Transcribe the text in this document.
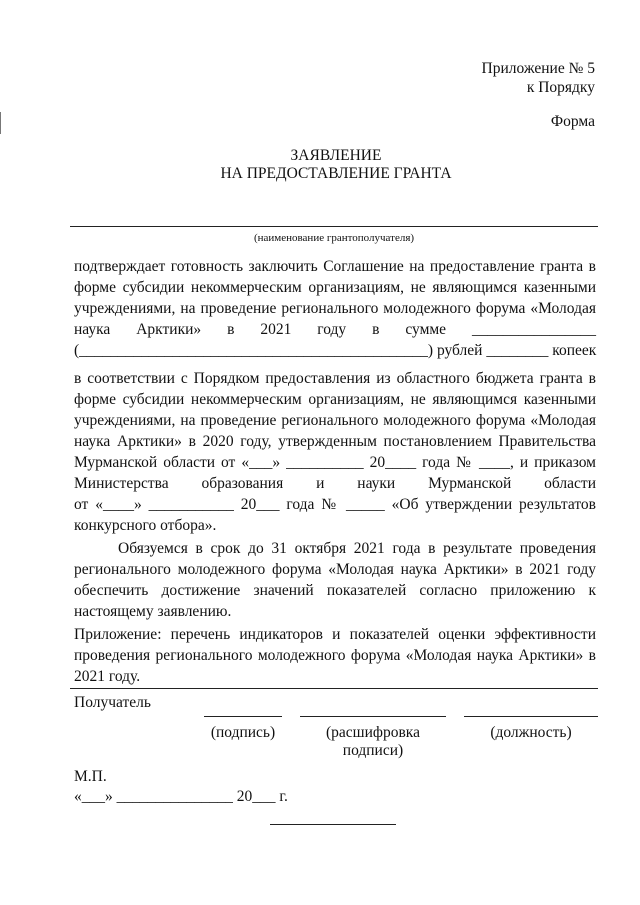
Приложение № 5
к Порядку
Форма
ЗАЯВЛЕНИЕ
НА ПРЕДОСТАВЛЕНИЕ ГРАНТА
(наименование грантополучателя)
подтверждает готовность заключить Соглашение на предоставление гранта в
форме субсидии некоммерческим организациям, не являющимся казенными
учреждениями, на проведение регионального молодежного форума «Молодая
наука Арктики» в 2021 году в сумме ________________
(_____________________________________________) рублей ________ копеек
в соответствии с Порядком предоставления из областного бюджета гранта в
форме субсидии некоммерческим организациям, не являющимся казенными
учреждениями, на проведение регионального молодежного форума «Молодая
наука Арктики» в 2020 году, утвержденным постановлением Правительства
Мурманской области от «___» __________ 20____ года № ____, и приказом
Министерства образования и науки Мурманской области
от «____» ___________ 20___ года № _____ «Об утверждении результатов
конкурсного отбора».
Обязуемся в срок до 31 октября 2021 года в результате проведения
регионального молодежного форума «Молодая наука Арктики» в 2021 году
обеспечить достижение значений показателей согласно приложению к
настоящему заявлению.
Приложение: перечень индикаторов и показателей оценки эффективности
проведения регионального молодежного форума «Молодая наука Арктики» в
2021 году.
Получатель
(подпись)	(расшифровка
подписи)
(должность)
М.П.
«___» _______________ 20___ г.
